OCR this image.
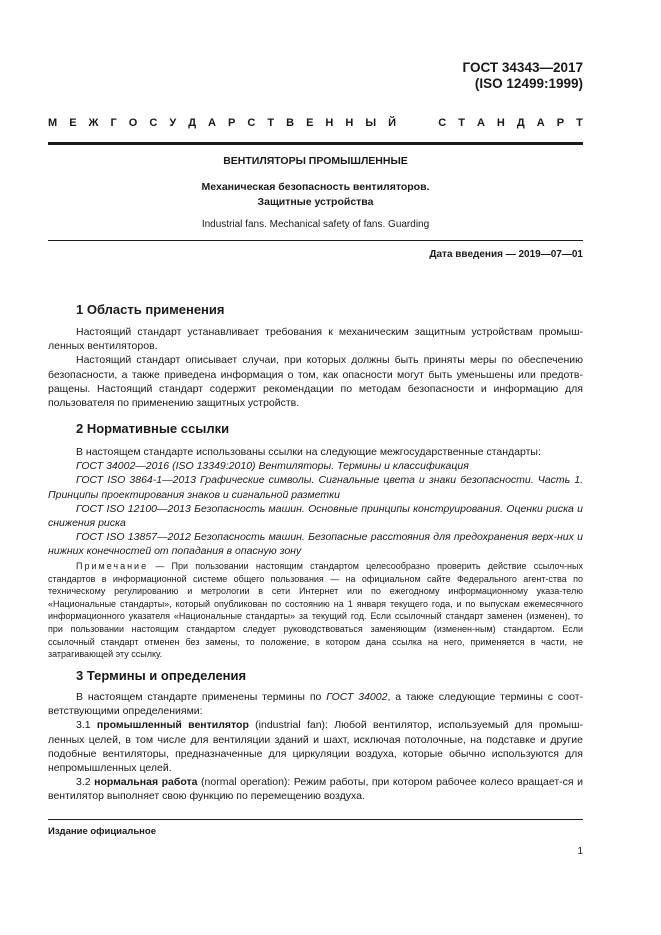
ГОСТ 34343—2017
(ISO 12499:1999)
М Е Ж Г О С У Д А Р С Т В Е Н Н Ы Й

	С Т А Н Д А Р Т
ВЕНТИЛЯТОРЫ ПРОМЫШЛЕННЫЕ
Механическая безопасность вентиляторов.
Защитные устройства
Industrial fans. Mechanical safety of fans. Guarding
Дата введения — 2019—07—01
1 Область применения

Настоящий стандарт устанавливает требования к механическим защитным устройствам промыш-ленных вентиляторов.

Настоящий стандарт описывает случаи, при которых должны быть приняты меры по обеспечению безопасности, а также приведена информация о том, как опасности могут быть уменьшены или предотв-ращены. Настоящий стандарт содержит рекомендации по методам безопасности и информацию для пользователя по применению защитных устройств.

2 Нормативные ссылки

В настоящем стандарте использованы ссылки на следующие межгосударственные стандарты:

ГОСТ 34002—2016 (ISO 13349:2010) Вентиляторы. Термины и классификация

ГОСТ ISO 3864-1—2013 Графические символы. Сигнальные цвета и знаки безопасности. Часть 1. Принципы проектирования знаков и сигнальной разметки

ГОСТ ISO 12100—2013 Безопасность машин. Основные принципы конструирования. Оценки риска и снижения риска

ГОСТ ISO 13857—2012 Безопасность машин. Безопасные расстояния для предохранения верх-них и нижних конечностей от попадания в опасную зону

Примечание — При пользовании настоящим стандартом целесообразно проверить действие ссылоч-ных стандартов в информационной системе общего пользования — на официальном сайте Федерального агент-ства по техническому регулированию и метрологии в сети Интернет или по ежегодному информационному указа-телю «Национальные стандарты», который опубликован по состоянию на 1 января текущего года, и по выпускам ежемесячного информационного указателя «Национальные стандарты» за текущий год. Если ссылочный стандарт заменен (изменен), то при пользовании настоящим стандартом следует руководствоваться заменяющим (изменен-ным) стандартом. Если ссылочный стандарт отменен без замены, то положение, в котором дана ссылка на него, применяется в части, не затрагивающей эту ссылку.

3 Термины и определения

В настоящем стандарте применены термины по ГОСТ 34002, а также следующие термины с соот-ветствующими определениями:

3.1 промышленный вентилятор (industrial fan): Любой вентилятор, используемый для промыш-ленных целей, в том числе для вентиляции зданий и шахт, исключая потолочные, на подставке и другие подобные вентиляторы, предназначенные для циркуляции воздуха, которые обычно используются для непромышленных целей.

3.2 нормальная работа (normal operation): Режим работы, при котором рабочее колесо вращает-ся и вентилятор выполняет свою функцию по перемещению воздуха.

Издание официальное
1
